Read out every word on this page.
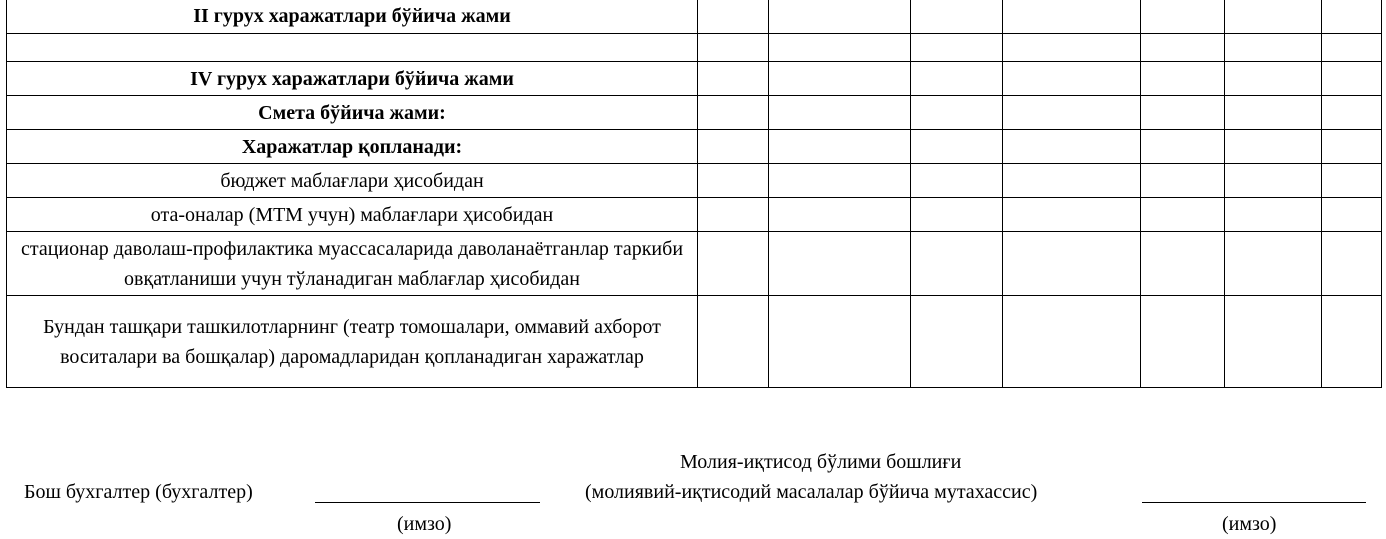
II гурух харажатлари бўйича жами							

IV гурух харажатлари бўйича жами							
Смета бўйича жами:							
Харажатлар қопланади:							
бюджет маблағлари ҳисобидан							
ота-оналар (МТМ учун) маблағлари ҳисобидан							
стационар даволаш-профилактика муассасаларида даволанаётганлар таркиби овқатланиши учун тўланадиган маблағлар ҳисобидан							
Бундан ташқари ташкилотларнинг (театр томошалари, оммавий ахборот воситалари ва бошқалар) даромадларидан қопланадиган харажатлар							
Бош бухгалтер (бухгалтер)
(имзо)
Молия-иқтисод бўлими бошлиғи
(молиявий-иқтисодий масалалар бўйича мутахассис)
(имзо)
